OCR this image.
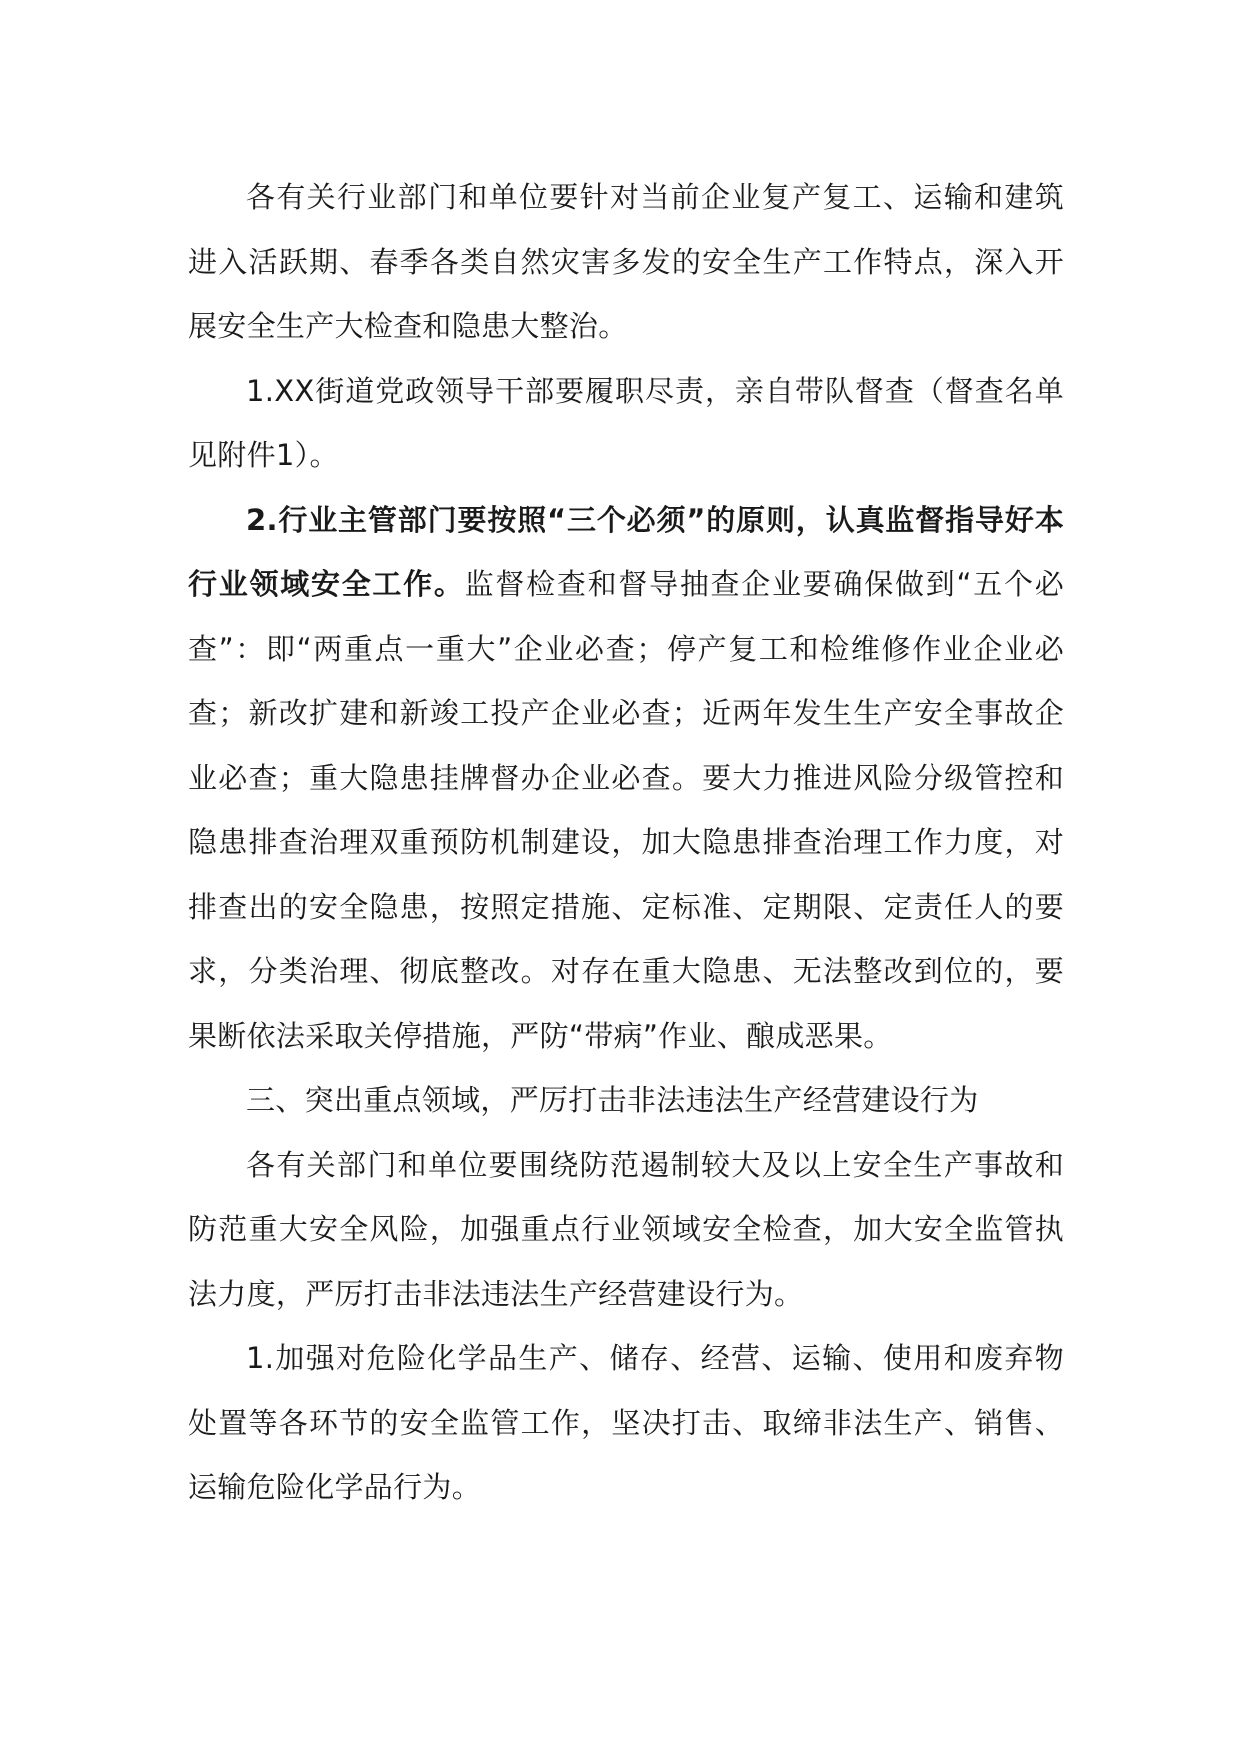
各有关行业部门和单位要针对当前企业复产复工、运输和建筑进入活跃期、春季各类自然灾害多发的安全生产工作特点，深入开展安全生产大检查和隐患大整治。

1.XX街道党政领导干部要履职尽责，亲自带队督查（督查名单见附件1）。

2.行业主管部门要按照“三个必须”的原则，认真监督指导好本行业领域安全工作。监督检查和督导抽查企业要确保做到“五个必查”：即“两重点一重大”企业必查；停产复工和检维修作业企业必查；新改扩建和新竣工投产企业必查；近两年发生生产安全事故企业必查；重大隐患挂牌督办企业必查。要大力推进风险分级管控和隐患排查治理双重预防机制建设，加大隐患排查治理工作力度，对排查出的安全隐患，按照定措施、定标准、定期限、定责任人的要求，分类治理、彻底整改。对存在重大隐患、无法整改到位的，要果断依法采取关停措施，严防“带病”作业、酿成恶果。

三、突出重点领域，严厉打击非法违法生产经营建设行为

各有关部门和单位要围绕防范遏制较大及以上安全生产事故和防范重大安全风险，加强重点行业领域安全检查，加大安全监管执法力度，严厉打击非法违法生产经营建设行为。

1.加强对危险化学品生产、储存、经营、运输、使用和废弃物处置等各环节的安全监管工作，坚决打击、取缔非法生产、销售、运输危险化学品行为。
